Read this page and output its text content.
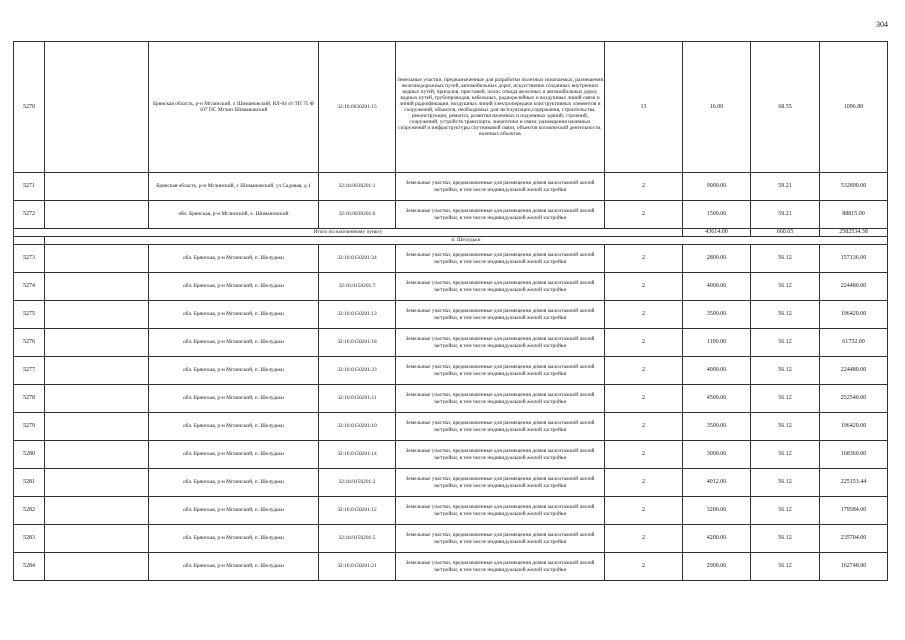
304
5270		Брянская область, р-н Мглинский, х Шимановский, ВЛ-04 от ТП 75 Ф 107 ПС Мглин Шимановский	32:16:0030201:15	Земельные участки, предназначенные для разработки полезных ископаемых, размещения железнодорожных путей, автомобильных дорог, искусственно созданных внутренних водных путей, причалов, пристаней, полос отвода железных и автомобильных дорог, водных путей, трубопроводов, кабельных, радиорелейных и воздушных линий связи и линий радиофикации, воздушных линий электропередачи конструктивных элементов и сооружений, объектов, необходимых для эксплуатации,содержания, строительства, реконструкции, ремонта, развития наземных и подземных зданий, строений, сооружений, устройств транспорта, энергетики и связи; размещения наземных сооружений и инфраструктуры спутниковой связи, объектов космической деятельности, военных объектов	13	16.00	68.55	1096.80
5271		Брянская область, р-н Мглинский, х Шимановский, ул Садовая, д 1	32:16:0030201:1	Земельные участки, предназначенные для размещения домов малоэтажной жилой застройки, в том числе индивидуальной жилой застройки	2	9000.00	59.21	532890.00
5272		обл. Брянская, р-н Мглинский, х. Шимановский	32:16:0030201:6	Земельные участки, предназначенные для размещения домов малоэтажной жилой застройки, в том числе индивидуальной жилой застройки	2	1500.00	59.21	88815.00
Итого по населенному пункту						43614.00	660.65	2582534.38
	п. Шелудьки							
5273		обл. Брянская, р-н Мглинский, п. Шелудьки	32:16:0150201:24	Земельные участки, предназначенные для размещения домов малоэтажной жилой застройки, в том числе индивидуальной жилой застройки	2	2800.00	56.12	157136.00
5274		обл. Брянская, р-н Мглинский, п. Шелудьки	32:16:0150201:7	Земельные участки, предназначенные для размещения домов малоэтажной жилой застройки, в том числе индивидуальной жилой застройки	2	4000.00	56.12	224480.00
5275		обл. Брянская, р-н Мглинский, п. Шелудьки	32:16:0150201:13	Земельные участки, предназначенные для размещения домов малоэтажной жилой застройки, в том числе индивидуальной жилой застройки	2	3500.00	56.12	196420.00
5276		обл. Брянская, р-н Мглинский, п. Шелудьки	32:16:0150201:18	Земельные участки, предназначенные для размещения домов малоэтажной жилой застройки, в том числе индивидуальной жилой застройки	2	1100.00	56.12	61732.00
5277		обл. Брянская, р-н Мглинский, п. Шелудьки	32:16:0150201:23	Земельные участки, предназначенные для размещения домов малоэтажной жилой застройки, в том числе индивидуальной жилой застройки	2	4000.00	56.12	224480.00
5278		обл. Брянская, р-н Мглинский, п. Шелудьки	32:16:0150201:11	Земельные участки, предназначенные для размещения домов малоэтажной жилой застройки, в том числе индивидуальной жилой застройки	2	4500.00	56.12	252540.00
5279		обл. Брянская, р-н Мглинский, п. Шелудьки	32:16:0150201:10	Земельные участки, предназначенные для размещения домов малоэтажной жилой застройки, в том числе индивидуальной жилой застройки	2	3500.00	56.12	196420.00
5280		обл. Брянская, р-н Мглинский, п. Шелудьки	32:16:0150201:14	Земельные участки, предназначенные для размещения домов малоэтажной жилой застройки, в том числе индивидуальной жилой застройки	2	3000.00	56.12	168360.00
5281		обл. Брянская, р-н Мглинский, п. Шелудьки	32:16:0150201:2	Земельные участки, предназначенные для размещения домов малоэтажной жилой застройки, в том числе индивидуальной жилой застройки	2	4012.00	56.12	225153.44
5282		обл. Брянская, р-н Мглинский, п. Шелудьки	32:16:0150201:12	Земельные участки, предназначенные для размещения домов малоэтажной жилой застройки, в том числе индивидуальной жилой застройки	2	3200.00	56.12	179584.00
5283		обл. Брянская, р-н Мглинский, п. Шелудьки	32:16:0150201:5	Земельные участки, предназначенные для размещения домов малоэтажной жилой застройки, в том числе индивидуальной жилой застройки	2	4200.00	56.12	235704.00
5284		обл. Брянская, р-н Мглинский, п. Шелудьки	32:16:0150201:21	Земельные участки, предназначенные для размещения домов малоэтажной жилой застройки, в том числе индивидуальной жилой застройки	2	2900.00	56.12	162748.00
